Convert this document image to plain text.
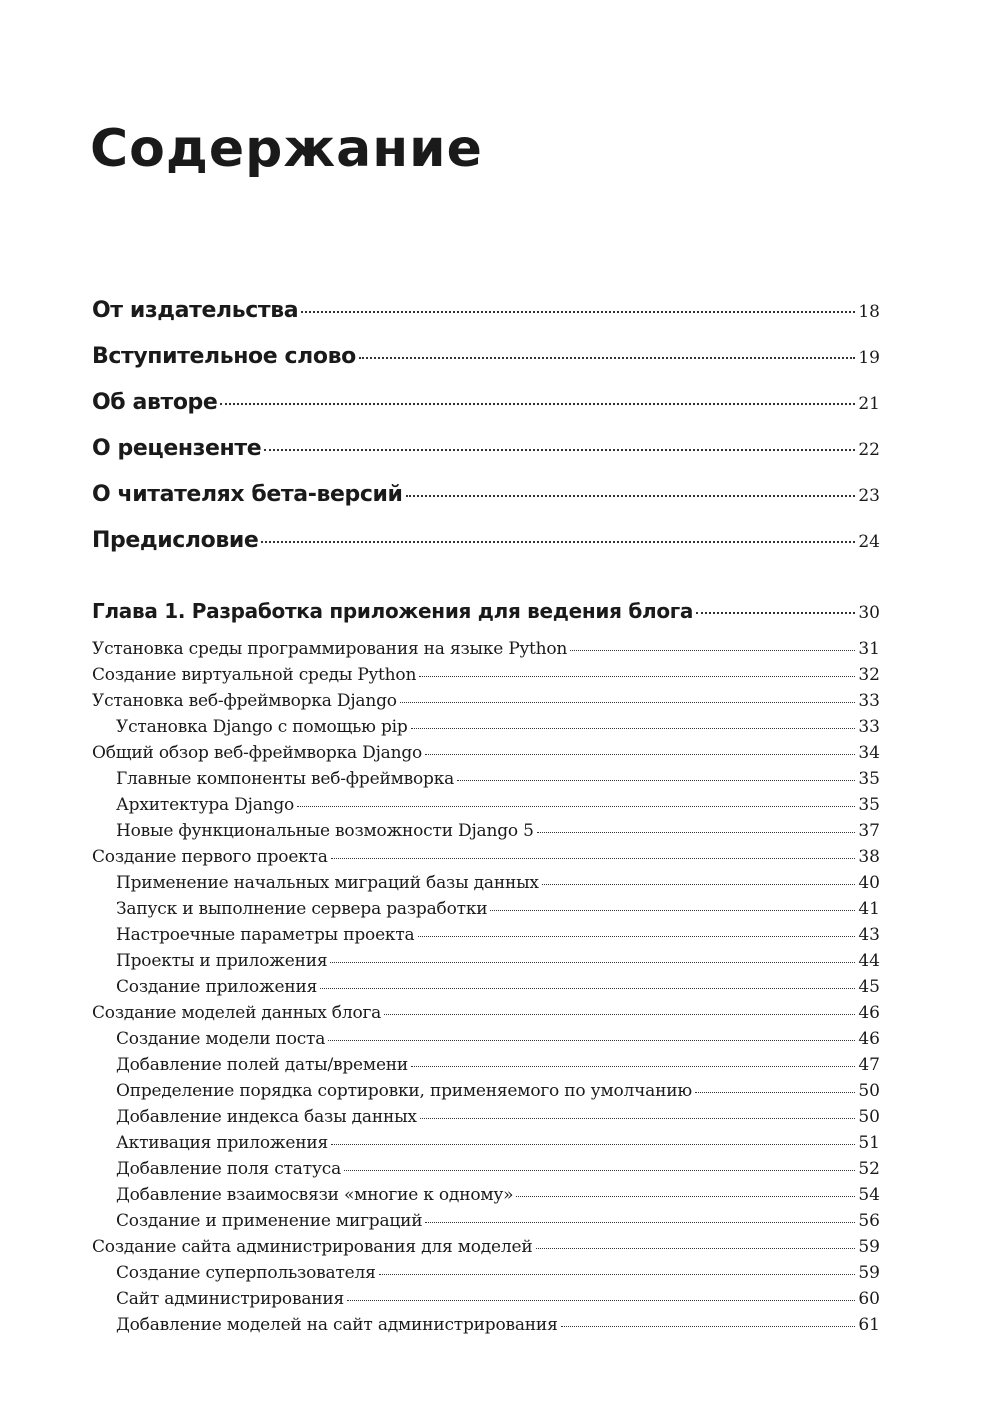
Содержание
От издательства	18
Вступительное слово	19
Об авторе	21
О рецензенте	22
О читателях бета-версий	23
Предисловие	24
Глава 1. Разработка приложения для ведения блога	30
Установка среды программирования на языке Python	31
Создание виртуальной среды Python	32
Установка веб-фреймворка Django	33
Установка Django с помощью pip	33
Общий обзор веб-фреймворка Django	34
Главные компоненты веб-фреймворка	35
Архитектура Django	35
Новые функциональные возможности Django 5	37
Создание первого проекта	38
Применение начальных миграций базы данных	40
Запуск и выполнение сервера разработки	41
Настроечные параметры проекта	43
Проекты и приложения	44
Создание приложения	45
Создание моделей данных блога	46
Создание модели поста	46
Добавление полей даты/времени	47
Определение порядка сортировки, применяемого по умолчанию	50
Добавление индекса базы данных	50
Активация приложения	51
Добавление поля статуса	52
Добавление взаимосвязи «многие к одному»	54
Создание и применение миграций	56
Создание сайта администрирования для моделей	59
Создание суперпользователя	59
Сайт администрирования	60
Добавление моделей на сайт администрирования	61
